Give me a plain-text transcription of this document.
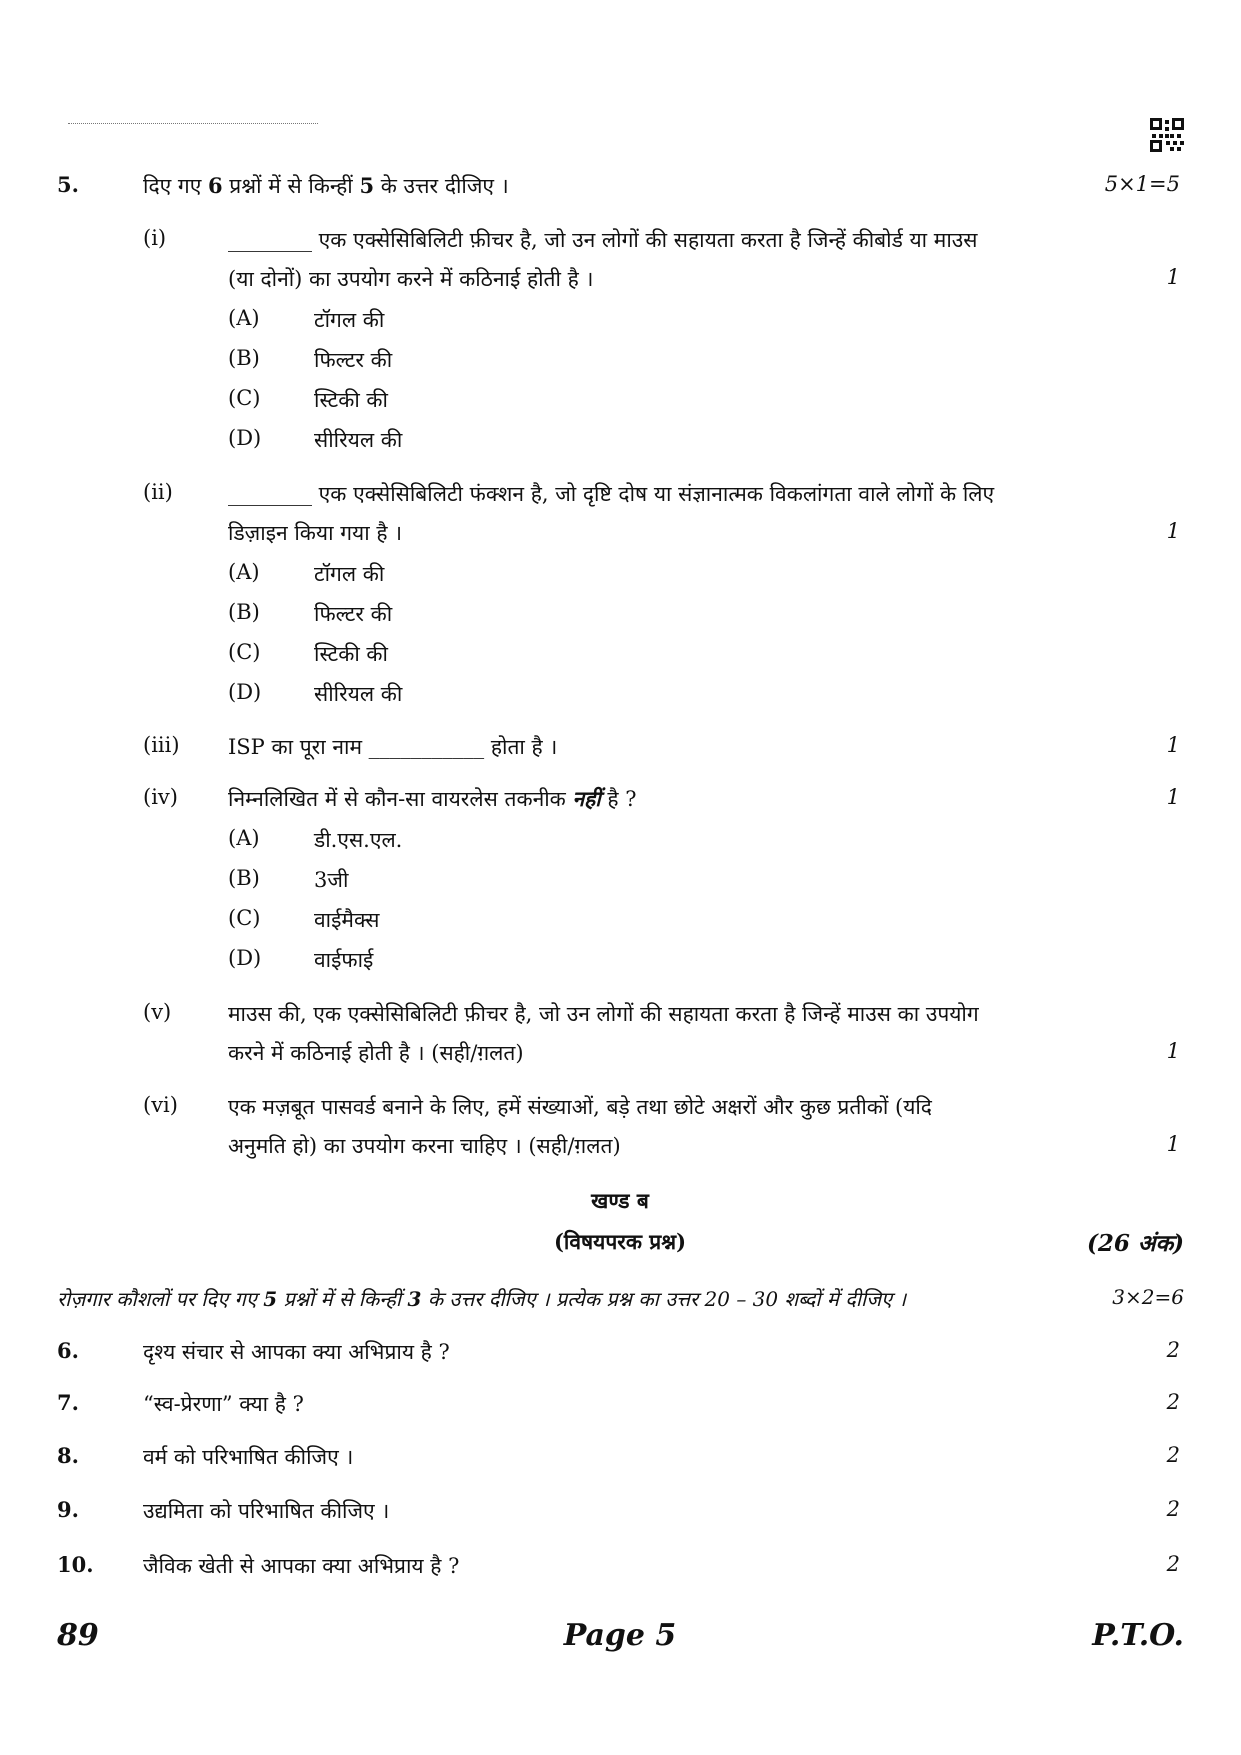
5.	दिए गए 6 प्रश्नों में से किन्हीं 5 के उत्तर दीजिए ।	5×1=5
(i)	________ एक एक्सेसिबिलिटी फ़ीचर है, जो उन लोगों की सहायता करता है जिन्हें कीबोर्ड या माउस
(या दोनों) का उपयोग करने में कठिनाई होती है ।	1
(A)	टॉगल की
(B)	फिल्टर की
(C)	स्टिकी की
(D)	सीरियल की
(ii)	________ एक एक्सेसिबिलिटी फंक्शन है, जो दृष्टि दोष या संज्ञानात्मक विकलांगता वाले लोगों के लिए
डिज़ाइन किया गया है ।	1
(A)	टॉगल की
(B)	फिल्टर की
(C)	स्टिकी की
(D)	सीरियल की
(iii) ISP का पूरा नाम ___________ होता है ।	1
(iv) निम्नलिखित में से कौन-सा वायरलेस तकनीक नहीं है ?	1
(A)	डी.एस.एल.
(B)	3जी
(C)	वाईमैक्स
(D)	वाईफाई
(v)	माउस की, एक एक्सेसिबिलिटी फ़ीचर है, जो उन लोगों की सहायता करता है जिन्हें माउस का उपयोग
करने में कठिनाई होती है । (सही/ग़लत)	1
(vi) एक मज़बूत पासवर्ड बनाने के लिए, हमें संख्याओं, बड़े तथा छोटे अक्षरों और कुछ प्रतीकों (यदि
अनुमति हो) का उपयोग करना चाहिए । (सही/ग़लत)	1
खण्ड ब
(विषयपरक प्रश्न)	(26 अंक)
रोज़गार कौशलों पर दिए गए 5 प्रश्नों में से किन्हीं 3 के उत्तर दीजिए । प्रत्येक प्रश्न का उत्तर 20 – 30 शब्दों में दीजिए ।	3×2=6
6.	दृश्य संचार से आपका क्या अभिप्राय है ?	2
7.	“स्व-प्रेरणा” क्या है ?	2
8.	वर्म को परिभाषित कीजिए ।	2
9.	उद्यमिता को परिभाषित कीजिए ।	2
10. जैविक खेती से आपका क्या अभिप्राय है ?	2
89	Page 5	P.T.O.
